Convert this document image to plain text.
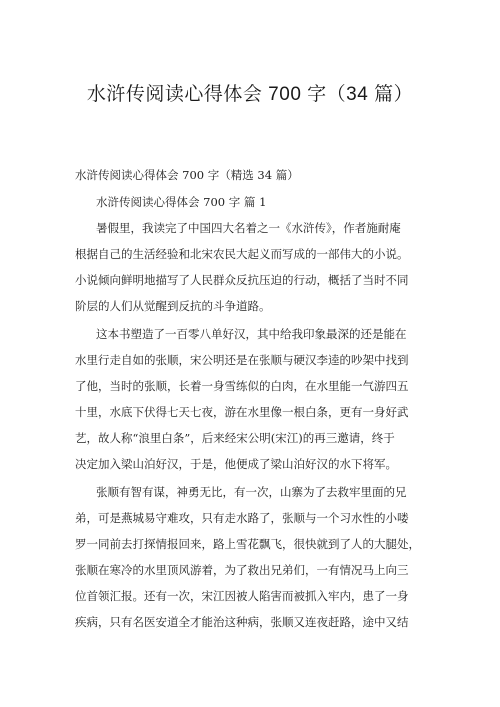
水浒传阅读心得体会 700 字（34 篇）
水浒传阅读心得体会 700 字（精选 34 篇）
水浒传阅读心得体会 700 字 篇 1
暑假里，我读完了中国四大名着之一《水浒传》，作者施耐庵
根据自己的生活经验和北宋农民大起义而写成的一部伟大的小说。
小说倾向鲜明地描写了人民群众反抗压迫的行动，概括了当时不同
阶层的人们从觉醒到反抗的斗争道路。
这本书塑造了一百零八单好汉，其中给我印象最深的还是能在
水里行走自如的张顺，宋公明还是在张顺与硬汉李逵的吵架中找到
了他，当时的张顺，长着一身雪练似的白肉，在水里能一气游四五
十里，水底下伏得七天七夜，游在水里像一根白条，更有一身好武
艺，故人称“浪里白条”，后来经宋公明(宋江)的再三邀请，终于
决定加入梁山泊好汉，于是，他便成了梁山泊好汉的水下将军。
张顺有智有谋，神勇无比，有一次，山寨为了去救牢里面的兄
弟，可是燕城易守难攻，只有走水路了，张顺与一个习水性的小喽
罗一同前去打探情报回来，路上雪花飘飞，很快就到了人的大腿处，
张顺在寒冷的水里顶风游着，为了救出兄弟们，一有情况马上向三
位首领汇报。还有一次，宋江因被人陷害而被抓入牢内，患了一身
疾病，只有名医安道全才能治这种病，张顺又连夜赶路，途中又结
